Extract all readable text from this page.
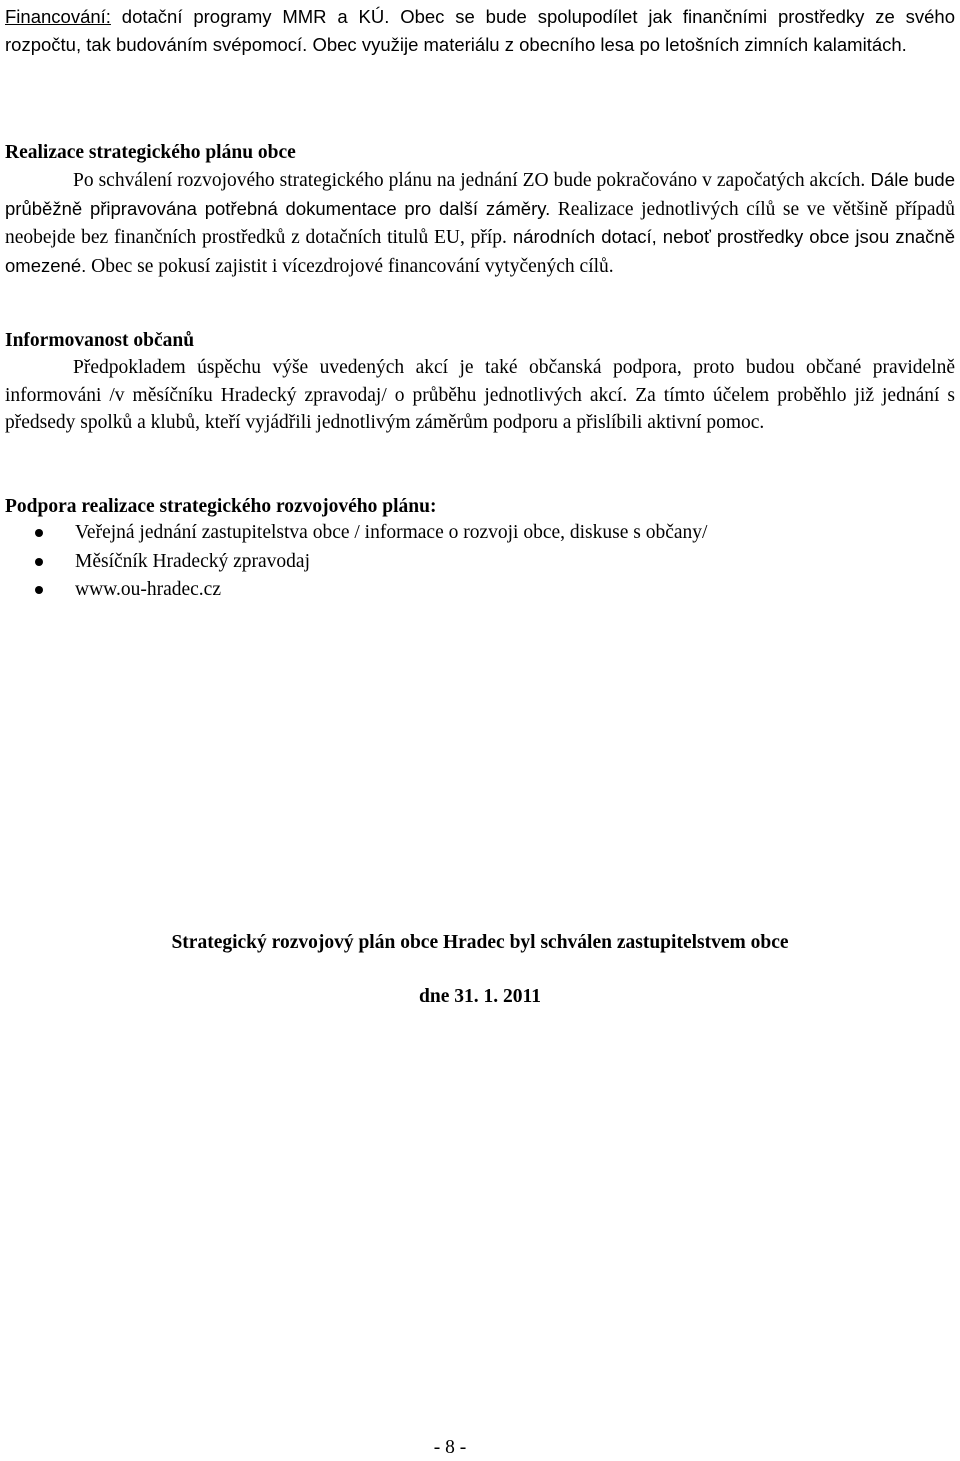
Financování: dotační programy MMR a KÚ. Obec se bude spolupodílet jak finančními prostředky ze svého rozpočtu, tak budováním svépomocí. Obec využije materiálu z obecního lesa po letošních zimních kalamitách.
Realizace strategického plánu obce
Po schválení rozvojového strategického plánu na jednání ZO bude pokračováno v započatých akcích. Dále bude průběžně připravována potřebná dokumentace pro další záměry. Realizace jednotlivých cílů se ve většině případů neobejde bez finančních prostředků z dotačních titulů EU, příp. národních dotací, neboť prostředky obce jsou značně omezené. Obec se pokusí zajistit i vícezdrojové financování vytyčených cílů.
Informovanost občanů
Předpokladem úspěchu výše uvedených akcí je také občanská podpora, proto budou občané pravidelně informováni /v měsíčníku Hradecký zpravodaj/ o průběhu jednotlivých akcí. Za tímto účelem proběhlo již jednání s předsedy spolků a klubů, kteří vyjádřili jednotlivým záměrům podporu a přislíbili aktivní pomoc.
Podpora realizace strategického rozvojového plánu:
Veřejná jednání zastupitelstva obce / informace o rozvoji obce, diskuse s občany/
Měsíčník Hradecký zpravodaj
www.ou-hradec.cz
Strategický rozvojový plán obce Hradec byl schválen zastupitelstvem obce
dne 31. 1. 2011
- 8 -
